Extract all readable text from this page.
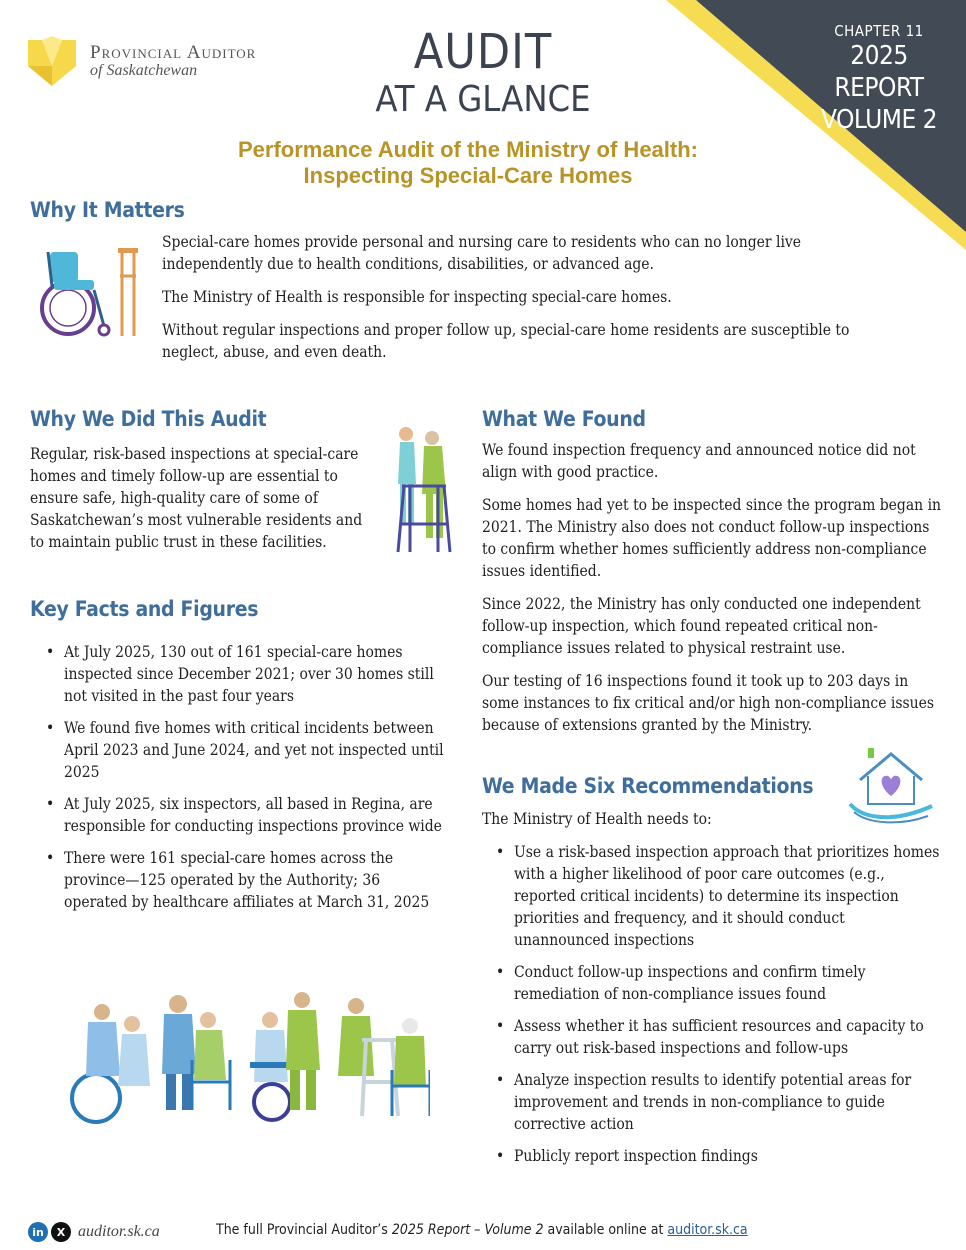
CHAPTER 11
2025 REPORT
VOLUME 2
Provincial Auditor
of Saskatchewan	AUDIT
AT A GLANCE
Performance Audit of the Ministry of Health:
Inspecting Special-Care Homes
Why It Matters

Special-care homes provide personal and nursing care to residents who can no longer live independently due to health conditions, disabilities, or advanced age.

The Ministry of Health is responsible for inspecting special-care homes.

Without regular inspections and proper follow up, special-care home residents are susceptible to neglect, abuse, and even death.

Why We Did This Audit
Regular, risk-based inspections at special-care homes and timely follow-up are essential to ensure safe, high-quality care of some of Saskatchewan’s most vulnerable residents and to maintain public trust in these facilities.
Key Facts and Figures
• At July 2025, 130 out of 161 special-care homes inspected since December 2021; over 30 homes still not visited in the past four years
• We found five homes with critical incidents between April 2023 and June 2024, and yet not inspected until 2025
• At July 2025, six inspectors, all based in Regina, are responsible for conducting inspections province wide
• There were 161 special-care homes across the province—125 operated by the Authority; 36 operated by healthcare affiliates at March 31, 2025
What We Found

We found inspection frequency and announced notice did not align with good practice.

Some homes had yet to be inspected since the program began in 2021. The Ministry also does not conduct follow-up inspections to confirm whether homes sufficiently address non-compliance issues identified.

Since 2022, the Ministry has only conducted one independent follow-up inspection, which found repeated critical non-compliance issues related to physical restraint use.

Our testing of 16 inspections found it took up to 203 days in some instances to fix critical and/or high non-compliance issues because of extensions granted by the Ministry.

We Made Six Recommendations

The Ministry of Health needs to:

• Use a risk-based inspection approach that prioritizes homes with a higher likelihood of poor care outcomes (e.g., reported critical incidents) to determine its inspection priorities and frequency, and it should conduct unannounced inspections
• Conduct follow-up inspections and confirm timely remediation of non-compliance issues found
• Assess whether it has sufficient resources and capacity to carry out risk-based inspections and follow-ups
• Analyze inspection results to identify potential areas for improvement and trends in non-compliance to guide corrective action
• Publicly report inspection findings
in	X auditor.sk.ca	The full Provincial Auditor’s 2025 Report – Volume 2 available online at auditor.sk.ca
